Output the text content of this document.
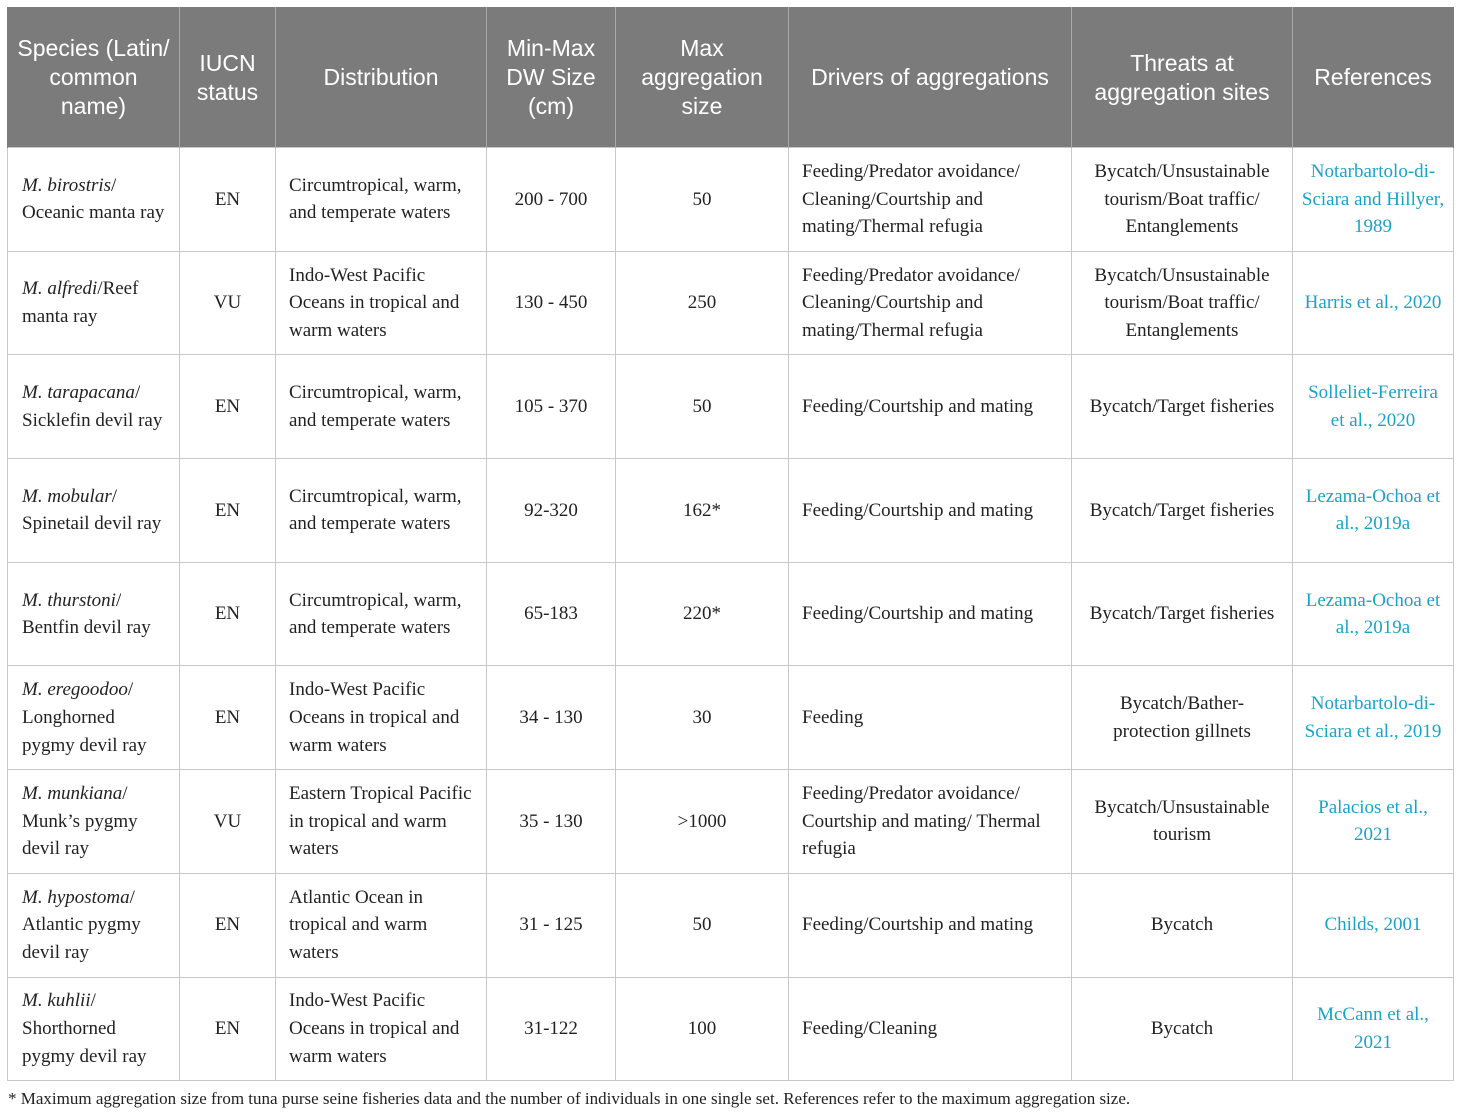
Species (Latin/ common name)	IUCN status	Distribution	Min-Max DW Size (cm)	Max aggregation size	Drivers of aggregations	Threats at aggregation sites	References
M. birostris/ Oceanic manta ray	EN	Circumtropical, warm, and temperate waters	200 - 700	50	Feeding/Predator avoidance/ Cleaning/Courtship and mating/Thermal refugia	Bycatch/Unsustainable tourism/Boat traffic/ Entanglements	Notarbartolo-di-Sciara and Hillyer, 1989
M. alfredi/Reef manta ray	VU	Indo-West Pacific Oceans in tropical and warm waters	130 - 450	250	Feeding/Predator avoidance/ Cleaning/Courtship and mating/Thermal refugia	Bycatch/Unsustainable tourism/Boat traffic/ Entanglements	Harris et al., 2020
M. tarapacana/ Sicklefin devil ray	EN	Circumtropical, warm, and temperate waters	105 - 370	50	Feeding/Courtship and mating	Bycatch/Target fisheries	Solleliet-Ferreira et al., 2020
M. mobular/ Spinetail devil ray	EN	Circumtropical, warm, and temperate waters	92-320	162*	Feeding/Courtship and mating	Bycatch/Target fisheries	Lezama-Ochoa et al., 2019a
M. thurstoni/ Bentfin devil ray	EN	Circumtropical, warm, and temperate waters	65-183	220*	Feeding/Courtship and mating	Bycatch/Target fisheries	Lezama-Ochoa et al., 2019a
M. eregoodoo/ Longhorned pygmy devil ray	EN	Indo-West Pacific Oceans in tropical and warm waters	34 - 130	30	Feeding	Bycatch/Bather-protection gillnets	Notarbartolo-di-Sciara et al., 2019
M. munkiana/ Munk’s pygmy devil ray	VU	Eastern Tropical Pacific in tropical and warm waters	35 - 130	>1000	Feeding/Predator avoidance/ Courtship and mating/ Thermal refugia	Bycatch/Unsustainable tourism	Palacios et al., 2021
M. hypostoma/ Atlantic pygmy devil ray	EN	Atlantic Ocean in tropical and warm waters	31 - 125	50	Feeding/Courtship and mating	Bycatch	Childs, 2001
M. kuhlii/ Shorthorned pygmy devil ray	EN	Indo-West Pacific Oceans in tropical and warm waters	31-122	100	Feeding/Cleaning	Bycatch	McCann et al., 2021
* Maximum aggregation size from tuna purse seine fisheries data and the number of individuals in one single set. References refer to the maximum aggregation size.
